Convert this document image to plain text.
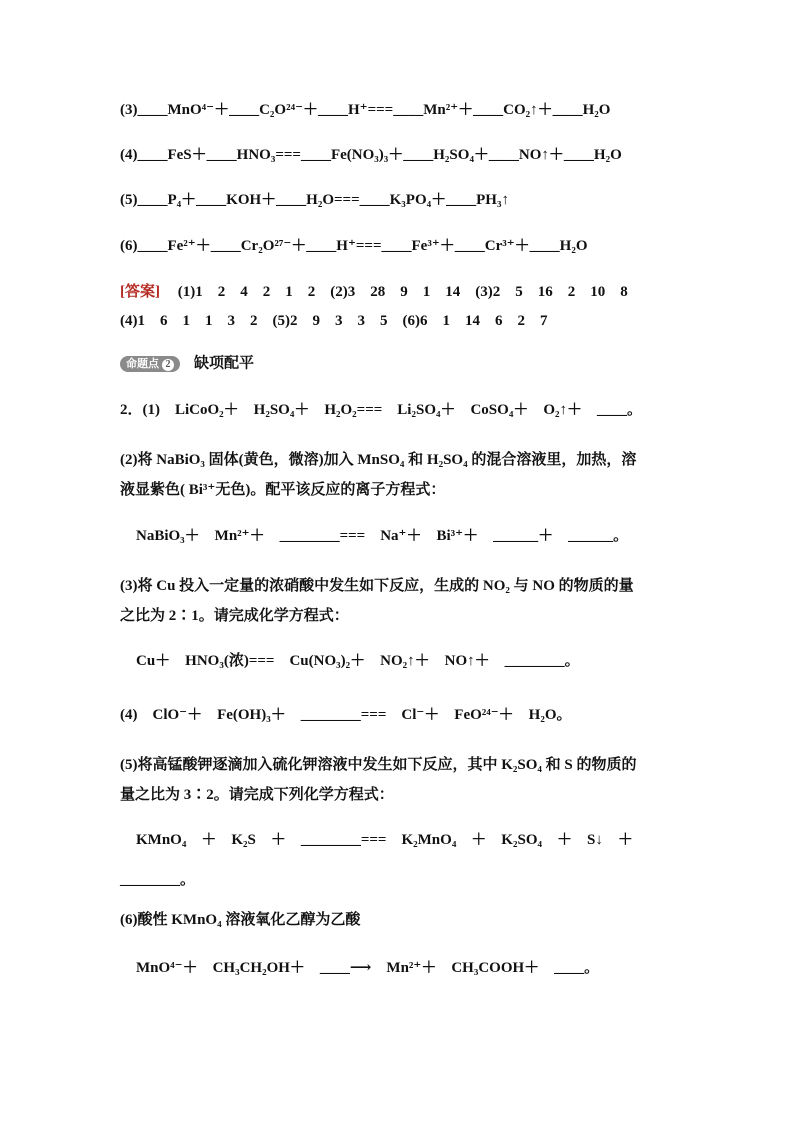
(3)____MnO⁴⁻＋____C₂O²⁴⁻＋____H⁺===____Mn²⁺＋____CO₂↑＋____H₂O
(4)____FeS＋____HNO₃===____Fe(NO₃)₃＋____H₂SO₄＋____NO↑＋____H₂O
(5)____P₄＋____KOH＋____H₂O===____K₃PO₄＋____PH₃↑
(6)____Fe²⁺＋____Cr₂O²⁷⁻＋____H⁺===____Fe³⁺＋____Cr³⁺＋____H₂O
[答案] (1)1　2　4　2　1　2　(2)3　28　9　1　14　(3)2　5　16　2　10　8
(4)1　6　1　1　3　2　(5)2　9　3　3　5　(6)6　1　14　6　2　7
命题点 2 缺项配平
2．(1)　LiCoO₂＋　H₂SO₄＋　H₂O₂===　Li₂SO₄＋　CoSO₄＋　O₂↑＋　____。
(2)将 NaBiO₃ 固体(黄色，微溶)加入 MnSO₄ 和 H₂SO₄ 的混合溶液里，加热，溶
液显紫色( Bi³⁺无色)。配平该反应的离子方程式：
NaBiO₃＋　Mn²⁺＋　________===　Na⁺＋　Bi³⁺＋　______＋　______。
(3)将 Cu 投入一定量的浓硝酸中发生如下反应，生成的 NO₂ 与 NO 的物质的量
之比为 2∶1。请完成化学方程式：
Cu＋　HNO₃(浓)===　Cu(NO₃)₂＋　NO₂↑＋　NO↑＋　________。
(4)　ClO⁻＋　Fe(OH)₃＋　________===　Cl⁻＋　FeO²⁴⁻＋　H₂O。
(5)将高锰酸钾逐滴加入硫化钾溶液中发生如下反应，其中 K₂SO₄ 和 S 的物质的
量之比为 3∶2。请完成下列化学方程式：
KMnO₄　＋　K₂S　＋　________===　K₂MnO₄　＋　K₂SO₄　＋　S↓　＋
________。
(6)酸性 KMnO₄ 溶液氧化乙醇为乙酸
MnO⁴⁻＋　CH₃CH₂OH＋　____⟶　Mn²⁺＋　CH₃COOH＋　____。
